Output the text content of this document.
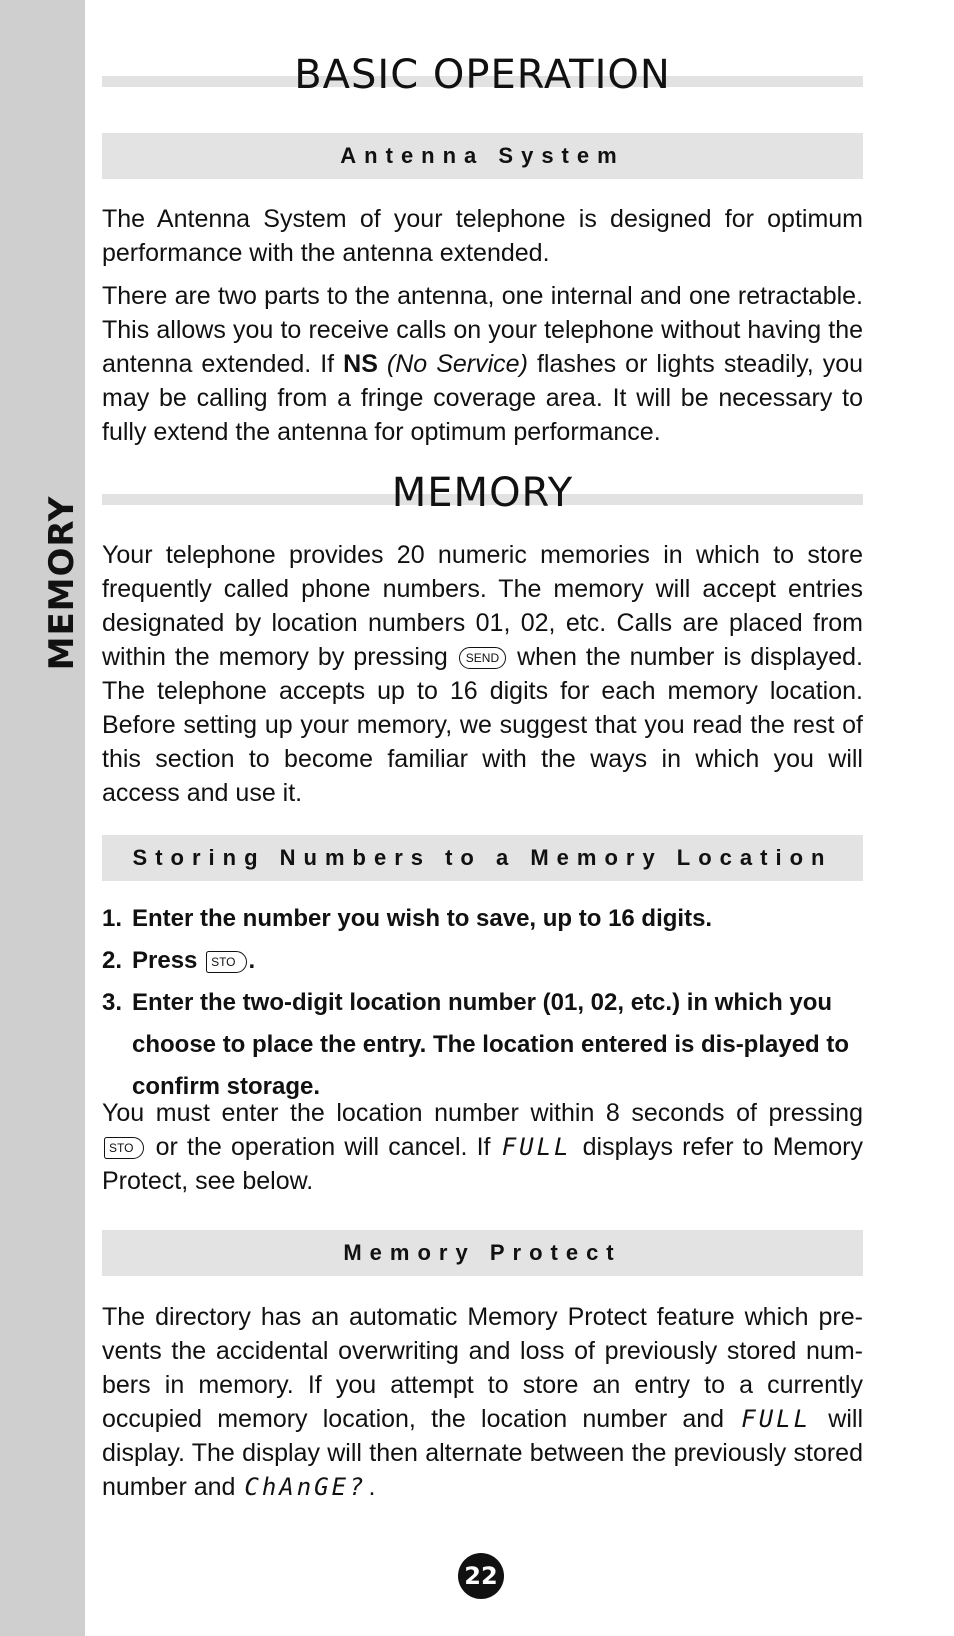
MEMORY
BASIC OPERATION
Antenna System

The Antenna System of your telephone is designed for optimum performance with the antenna extended.

There are two parts to the antenna, one internal and one retractable. This allows you to receive calls on your telephone without having the antenna extended. If NS (No Service) flashes or lights steadily, you may be calling from a fringe coverage area. It will be necessary to fully extend the antenna for optimum performance.

MEMORY

Your telephone provides 20 numeric memories in which to store frequently called phone numbers. The memory will accept entries designated by location numbers 01, 02, etc. Calls are placed from within the memory by pressing SEND when the number is displayed. The telephone accepts up to 16 digits for each memory location. Before setting up your memory, we suggest that you read the rest of this section to become familiar with the ways in which you will access and use it.

Storing Numbers to a Memory Location

1. Enter the number you wish to save, up to 16 digits.

2. Press STO .

3. Enter the two-digit location number (01, 02, etc.) in which you choose to place the entry. The location entered is dis-played to confirm storage.

You must enter the location number within 8 seconds of pressing STO or the operation will cancel. If FULL displays refer to Memory Protect, see below.

Memory Protect

The directory has an automatic Memory Protect feature which pre-vents the accidental overwriting and loss of previously stored num-bers in memory. If you attempt to store an entry to a currently occupied memory location, the location number and FULL will display. The display will then alternate between the previously stored number and ChAnGE?.

22
